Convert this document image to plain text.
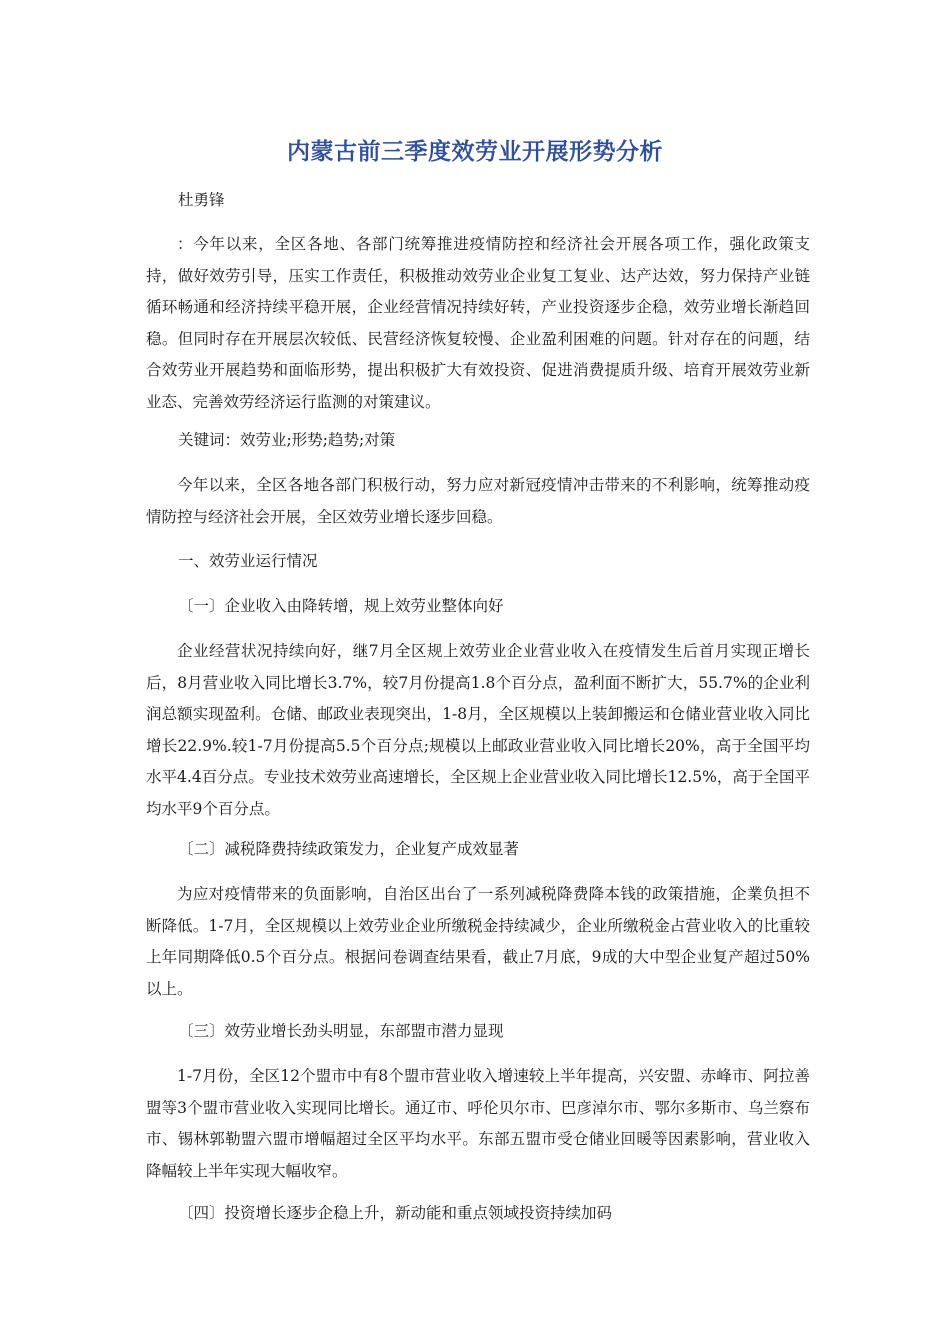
内蒙古前三季度效劳业开展形势分析

杜勇锋

：今年以来，全区各地、各部门统筹推进疫情防控和经济社会开展各项工作，强化政策支持，做好效劳引导，压实工作责任，积极推动效劳业企业复工复业、达产达效，努力保持产业链循环畅通和经济持续平稳开展，企业经营情况持续好转，产业投资逐步企稳，效劳业增长渐趋回稳。但同时存在开展层次较低、民营经济恢复较慢、企业盈利困难的问题。针对存在的问题，结合效劳业开展趋势和面临形势，提出积极扩大有效投资、促进消费提质升级、培育开展效劳业新业态、完善效劳经济运行监测的对策建议。

关键词：效劳业;形势;趋势;对策

今年以来，全区各地各部门积极行动，努力应对新冠疫情冲击带来的不利影响，统筹推动疫情防控与经济社会开展，全区效劳业增长逐步回稳。

一、效劳业运行情况

〔一〕企业收入由降转增，规上效劳业整体向好

企业经营状况持续向好，继7月全区规上效劳业企业营业收入在疫情发生后首月实现正增长后，8月营业收入同比增长3.7%，较7月份提高1.8个百分点，盈利面不断扩大，55.7%的企业利润总额实现盈利。仓储、邮政业表现突出，1-8月，全区规模以上装卸搬运和仓储业营业收入同比增长22.9%.较1-7月份提高5.5个百分点;规模以上邮政业营业收入同比增长20%，高于全国平均水平4.4百分点。专业技术效劳业高速增长，全区规上企业营业收入同比增长12.5%，高于全国平均水平9个百分点。

〔二〕减税降费持续政策发力，企业复产成效显著

为应对疫情带来的负面影响，自治区出台了一系列减税降费降本钱的政策措施，企業负担不断降低。1-7月，全区规模以上效劳业企业所缴税金持续减少，企业所缴税金占营业收入的比重较上年同期降低0.5个百分点。根据问卷调查结果看，截止7月底，9成的大中型企业复产超过50%以上。

〔三〕效劳业增长劲头明显，东部盟市潜力显现

1-7月份，全区12个盟市中有8个盟市营业收入增速较上半年提高，兴安盟、赤峰市、阿拉善盟等3个盟市营业收入实现同比增长。通辽市、呼伦贝尔市、巴彦淖尔市、鄂尔多斯市、乌兰察布市、锡林郭勒盟六盟市增幅超过全区平均水平。东部五盟市受仓储业回暖等因素影响，营业收入降幅较上半年实现大幅收窄。

〔四〕投资增长逐步企稳上升，新动能和重点领域投资持续加码
